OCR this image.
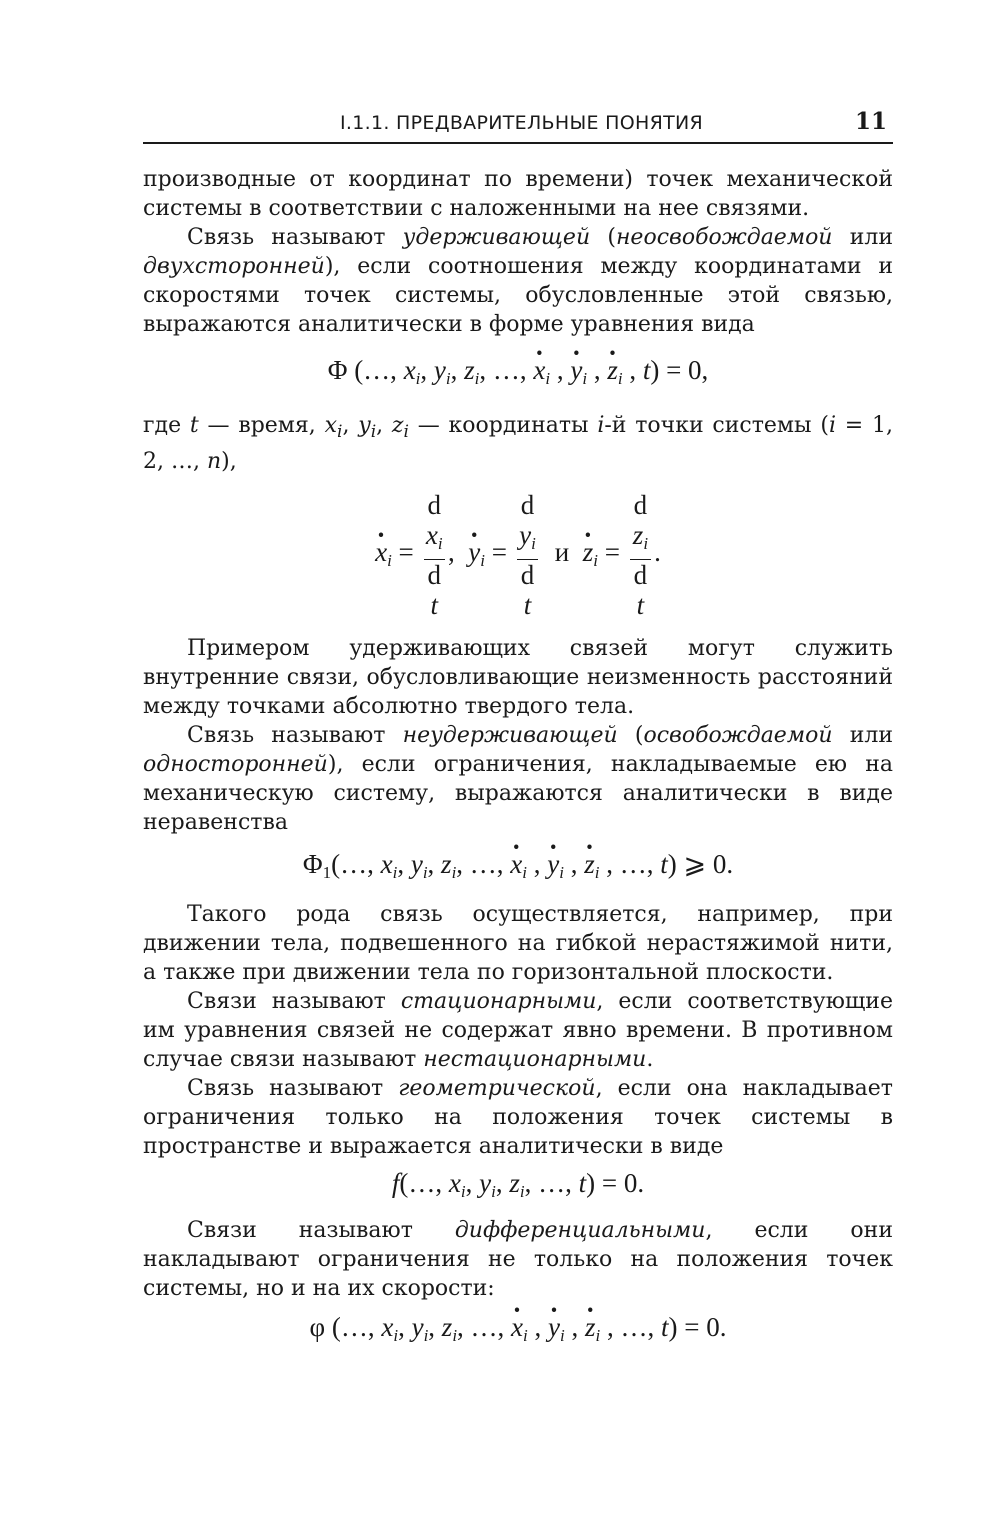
I.1.1. ПРЕДВАРИТЕЛЬНЫЕ ПОНЯТИЯ	11

производные от координат по времени) точек механической системы в соответствии с наложенными на нее связями.

Связь называют удерживающей (неосвобождаемой или двухсторонней), если соотношения между координатами и скоростями точек системы, обусловленные этой связью, выражаются аналитически в форме уравнения вида

Φ (…, $x_i$, $y_i$, $z_i$, …, · $x_i$ , · $y_i$ , · $z_i$ , t) = 0,

где t — время, $x_i$, $y_i$, $z_i$ — координаты i-й точки системы (i = 1, 2, …, n),

· $x_i = d$
$x_i$
d
t ,  · $y_i = d$
$y_i$
d
t $и \cdot z_i = d$
$z_i$
d
t .

Примером удерживающих связей могут служить внутренние связи, обусловливающие неизменность расстояний между точками абсолютно твердого тела.

Связь называют неудерживающей (освобождаемой или односторонней), если ограничения, накладываемые ею на механическую систему, выражаются аналитически в виде неравенства

$\Phi_1(\dots$, $x_i$, $y_i$, $z_i$, …, · $x_i$ , · $y_i$ , · $z_i$ , …, t) ⩾ 0.

Такого рода связь осуществляется, например, при движении тела, подвешенного на гибкой нерастяжимой нити, а также при движении тела по горизонтальной плоскости.

Связи называют стационарными, если соответствующие им уравнения связей не содержат явно времени. В противном случае связи называют нестационарными.

Связь называют геометрической, если она накладывает ограничения только на положения точек системы в пространстве и выражается аналитически в виде

f(…, $x_i$, $y_i$, $z_i$, …, t) = 0.

Связи называют дифференциальными, если они накладывают ограничения не только на положения точек системы, но и на их скорости:

φ (…, $x_i$, $y_i$, $z_i$, …, · $x_i$ , · $y_i$ , · $z_i$ , …, t) = 0.
